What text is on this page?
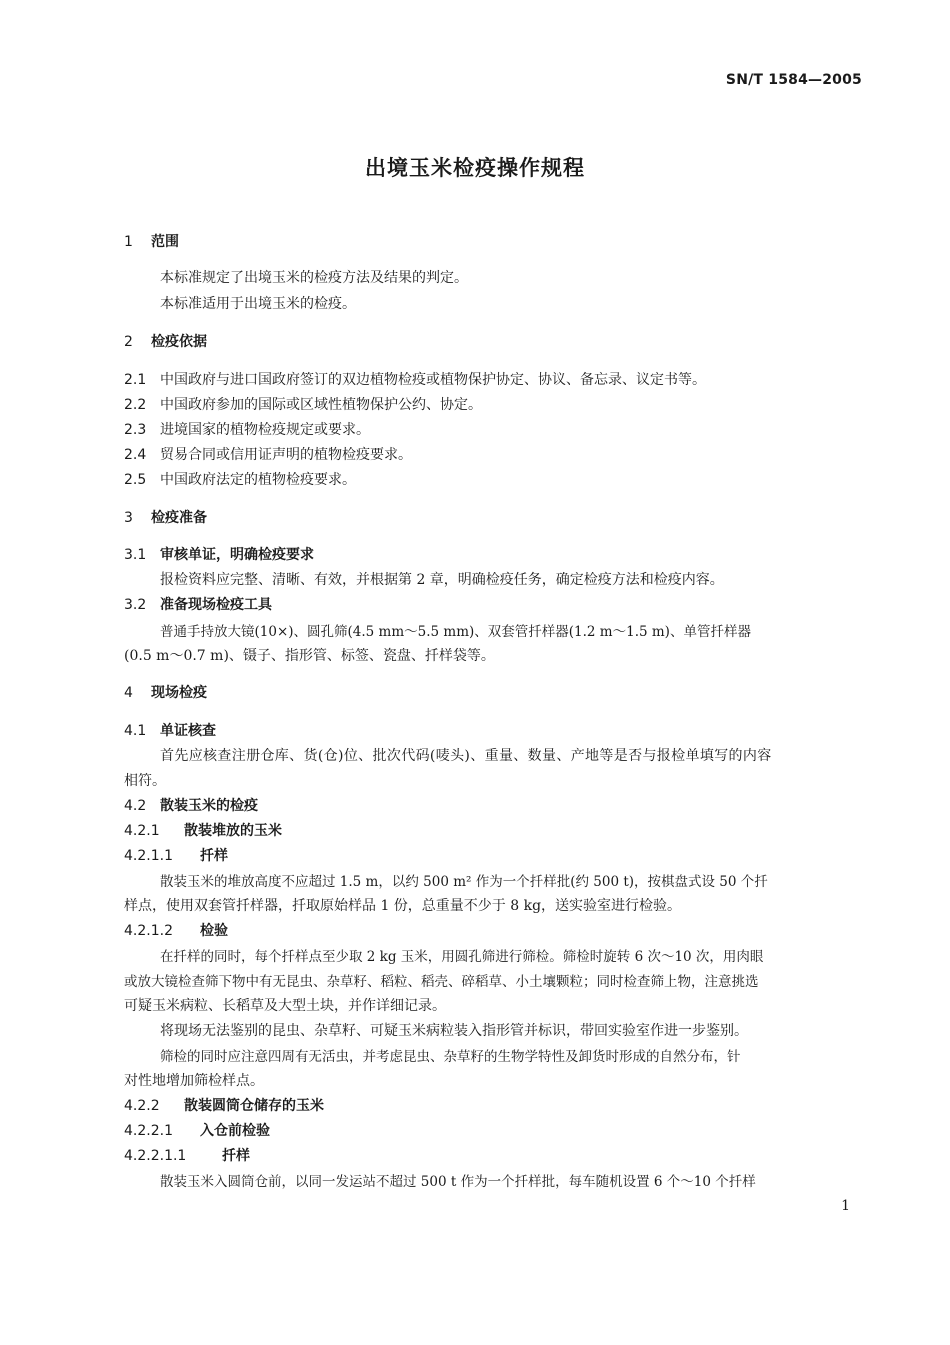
SN/T 1584—2005
出境玉米检疫操作规程
1 范围
本标准规定了出境玉米的检疫方法及结果的判定。
本标准适用于出境玉米的检疫。
2 检疫依据
2.1 中国政府与进口国政府签订的双边植物检疫或植物保护协定、协议、备忘录、议定书等。
2.2 中国政府参加的国际或区域性植物保护公约、协定。
2.3 进境国家的植物检疫规定或要求。
2.4 贸易合同或信用证声明的植物检疫要求。
2.5 中国政府法定的植物检疫要求。
3 检疫准备
3.1 审核单证，明确检疫要求
报检资料应完整、清晰、有效，并根据第 2 章，明确检疫任务，确定检疫方法和检疫内容。
3.2 准备现场检疫工具
普通手持放大镜(10×)、圆孔筛(4.5 mm～5.5 mm)、双套管扦样器(1.2 m～1.5 m)、单管扦样器
(0.5 m～0.7 m)、镊子、指形管、标签、瓷盘、扦样袋等。
4 现场检疫
4.1 单证核查
首先应核查注册仓库、货(仓)位、批次代码(唛头)、重量、数量、产地等是否与报检单填写的内容
相符。
4.2 散装玉米的检疫
4.2.1 散装堆放的玉米
4.2.1.1 扦样
散装玉米的堆放高度不应超过 1.5 m，以约 500 m² 作为一个扦样批(约 500 t)，按棋盘式设 50 个扦
样点，使用双套管扦样器，扦取原始样品 1 份，总重量不少于 8 kg，送实验室进行检验。
4.2.1.2 检验
在扦样的同时，每个扦样点至少取 2 kg 玉米，用圆孔筛进行筛检。筛检时旋转 6 次～10 次，用肉眼
或放大镜检查筛下物中有无昆虫、杂草籽、稻粒、稻壳、碎稻草、小土壤颗粒；同时检查筛上物，注意挑选
可疑玉米病粒、长稻草及大型土块，并作详细记录。
将现场无法鉴别的昆虫、杂草籽、可疑玉米病粒装入指形管并标识，带回实验室作进一步鉴别。
筛检的同时应注意四周有无活虫，并考虑昆虫、杂草籽的生物学特性及卸货时形成的自然分布，针
对性地增加筛检样点。
4.2.2 散装圆筒仓储存的玉米
4.2.2.1 入仓前检验
4.2.2.1.1	扦样
散装玉米入圆筒仓前，以同一发运站不超过 500 t 作为一个扦样批，每车随机设置 6 个～10 个扦样
1
